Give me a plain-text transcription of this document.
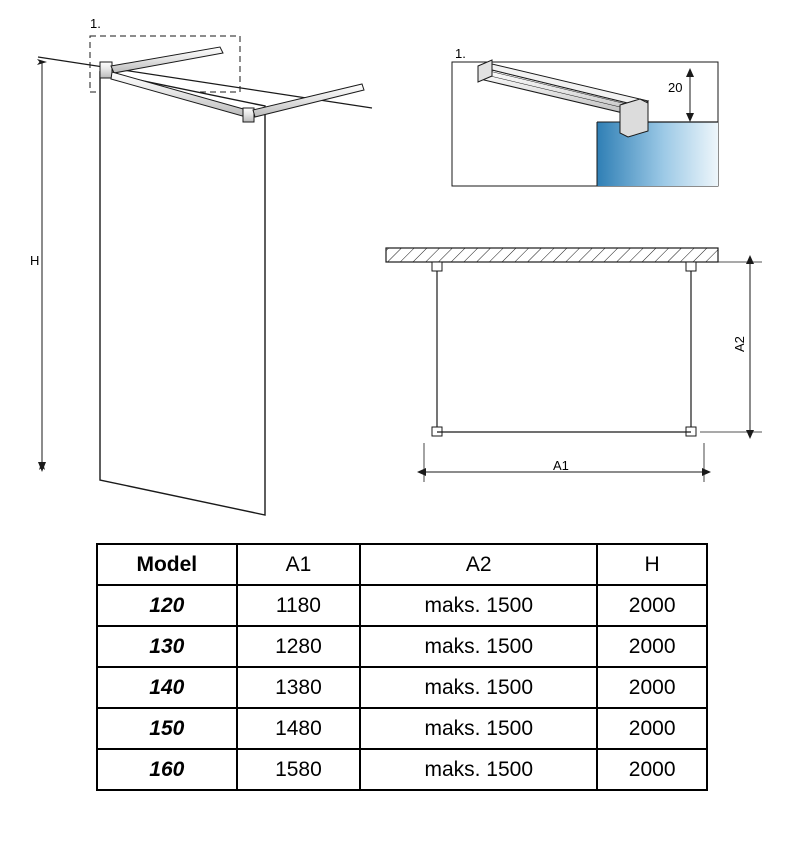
1.
H
1.
20
A1
A2
Model	A1	A2	H
120	1180	maks. 1500	2000
130	1280	maks. 1500	2000
140	1380	maks. 1500	2000
150	1480	maks. 1500	2000
160	1580	maks. 1500	2000
